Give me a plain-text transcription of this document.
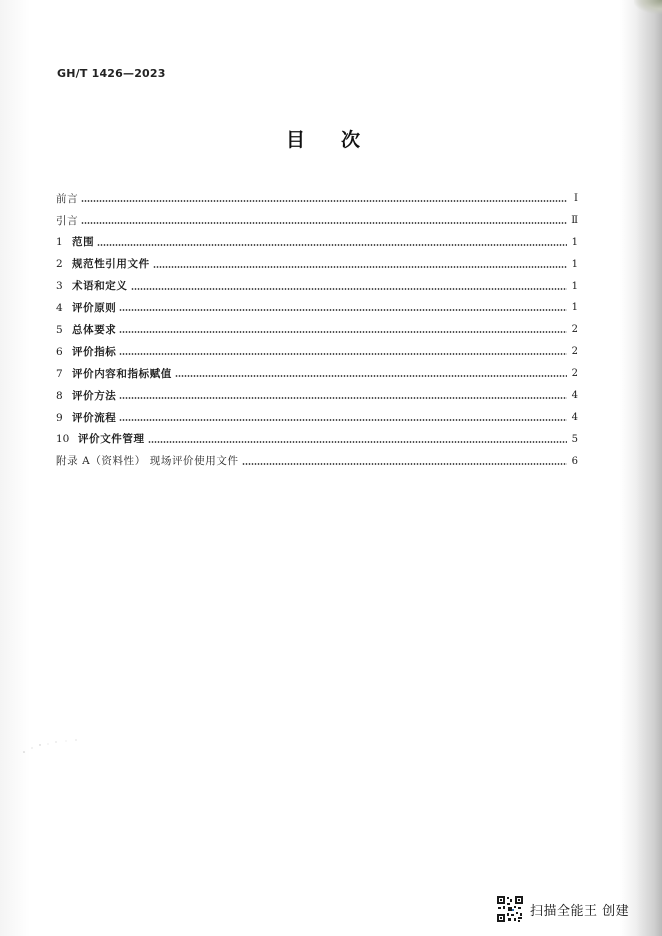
GH/T 1426—2023
目次
前言	Ⅰ
引言	Ⅱ
1 范围	1
2 规范性引用文件	1
3 术语和定义	1
4 评价原则	1
5 总体要求	2
6 评价指标	2
7 评价内容和指标赋值	2
8 评价方法	4
9 评价流程	4
10 评价文件管理	5
附录 A（资料性） 现场评价使用文件	6
扫描全能王 创建
